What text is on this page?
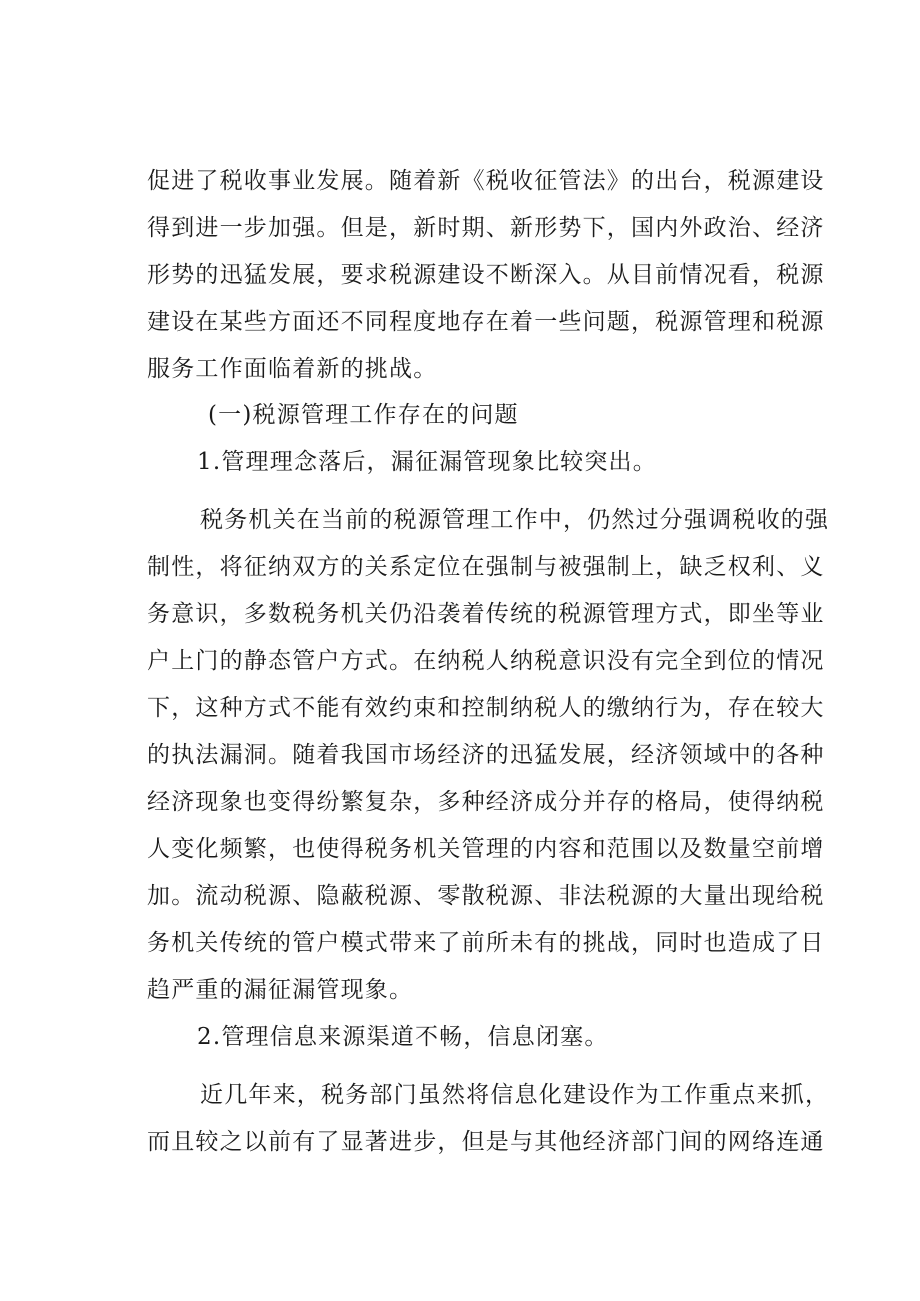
促进了税收事业发展。随着新《税收征管法》的出台，税源建设
得到进一步加强。但是，新时期、新形势下，国内外政治、经济
形势的迅猛发展，要求税源建设不断深入。从目前情况看，税源
建设在某些方面还不同程度地存在着一些问题，税源管理和税源
服务工作面临着新的挑战。
(一)税源管理工作存在的问题
1.管理理念落后，漏征漏管现象比较突出。
税务机关在当前的税源管理工作中，仍然过分强调税收的强
制性，将征纳双方的关系定位在强制与被强制上，缺乏权利、义
务意识，多数税务机关仍沿袭着传统的税源管理方式，即坐等业
户上门的静态管户方式。在纳税人纳税意识没有完全到位的情况
下，这种方式不能有效约束和控制纳税人的缴纳行为，存在较大
的执法漏洞。随着我国市场经济的迅猛发展，经济领域中的各种
经济现象也变得纷繁复杂，多种经济成分并存的格局，使得纳税
人变化频繁，也使得税务机关管理的内容和范围以及数量空前增
加。流动税源、隐蔽税源、零散税源、非法税源的大量出现给税
务机关传统的管户模式带来了前所未有的挑战，同时也造成了日
趋严重的漏征漏管现象。
2.管理信息来源渠道不畅，信息闭塞。
近几年来，税务部门虽然将信息化建设作为工作重点来抓，
而且较之以前有了显著进步，但是与其他经济部门间的网络连通
